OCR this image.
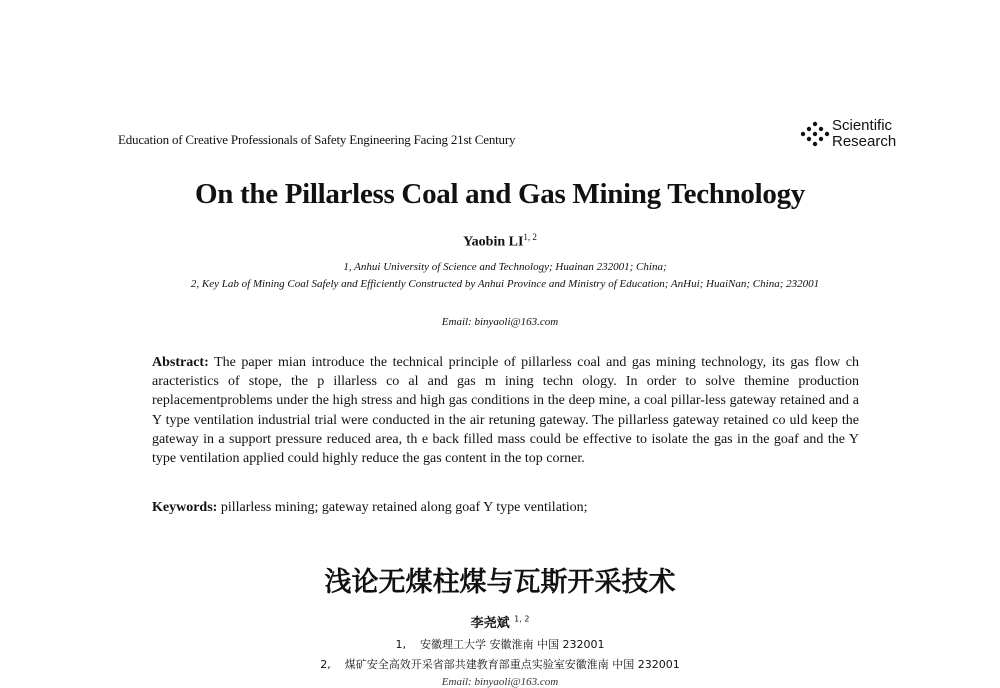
Education of Creative Professionals of Safety Engineering Facing 21st Century
Scientific
Research
On the Pillarless Coal and Gas Mining Technology
Yaobin LI$^{1, 2}$
1, Anhui University of Science and Technology; Huainan 232001; China;
2, Key Lab of Mining Coal Safely and Efficiently Constructed by Anhui Province and Ministry of Education; AnHui; HuaiNan; China; 232001
Email: binyaoli@163.com

Abstract: The paper mian introduce the technical principle of pillarless coal and gas mining technology, its gas flow ch aracteristics of stope, the p illarless co al and gas m ining techn ology. In order to solve themine production replacementproblems under the high stress and high gas conditions in the deep mine, a coal pillar-less gateway retained and a Y type ventilation industrial trial were conducted in the air retuning gateway. The pillarless gateway retained co uld keep the gateway in a support pressure reduced area, th e back filled mass could be effective to isolate the gas in the goaf and the Y type ventilation applied could highly reduce the gas content in the top corner.

Keywords: pillarless mining; gateway retained along goaf Y type ventilation;

浅论无煤柱煤与瓦斯开采技术
李尧斌 $^{1, 2}$
1, 安徽理工大学 安徽淮南 中国 232001
2, 煤矿安全高效开采省部共建教育部重点实验室安徽淮南 中国 232001
Email: binyaoli@163.com
